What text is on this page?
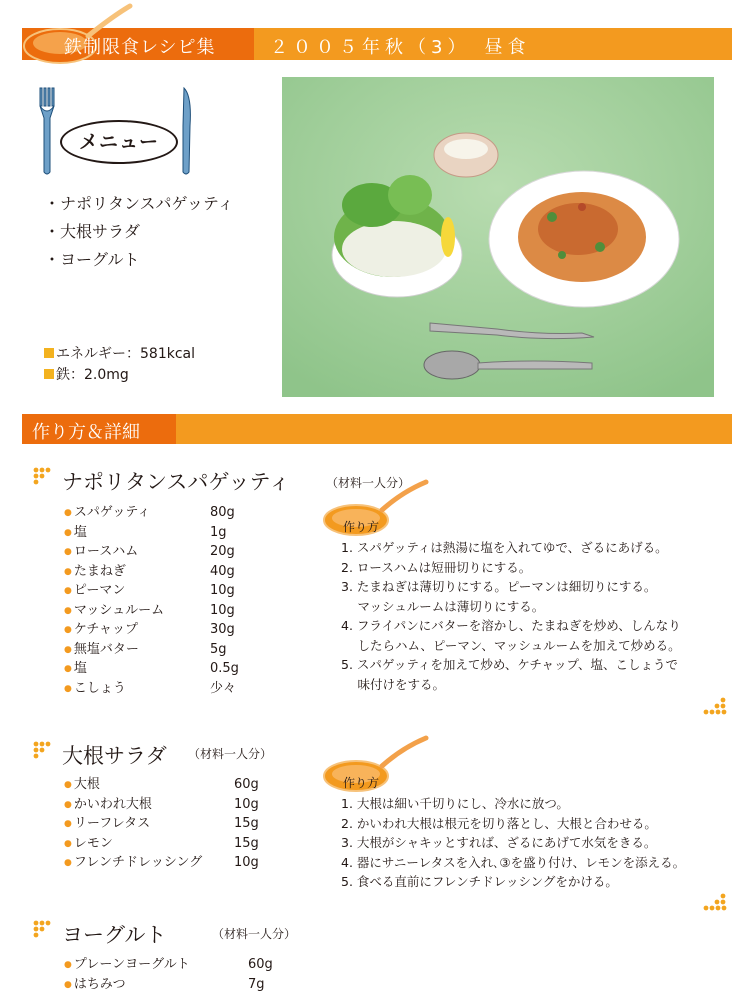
鉄制限食レシピ集	２００５年秋（3）　昼食
メニュー
・ナポリタンスパゲッティ
・大根サラダ
・ヨーグルト
エネルギー：581kcal
鉄：2.0mg
作り方＆詳細
ナポリタンスパゲッティ	（材料一人分）
● スパゲッティ	80g
● 塩	1g
● ロースハム	20g
● たまねぎ	40g
● ピーマン	10g
● マッシュルーム	10g
● ケチャップ	30g
● 無塩バター	5g
● 塩	0.5g
● こしょう	少々
作り方
1. スパゲッティは熱湯に塩を入れてゆで、ざるにあげる。
2. ロースハムは短冊切りにする。
3. たまねぎは薄切りにする。ピーマンは細切りにする。
　 マッシュルームは薄切りにする。
4. フライパンにバターを溶かし、たまねぎを炒め、しんなり
　 したらハム、ピーマン、マッシュルームを加えて炒める。
5. スパゲッティを加えて炒め、ケチャップ、塩、こしょうで
　 味付けをする。
大根サラダ （材料一人分）
● 大根	60g
● かいわれ大根	10g
● リーフレタス	15g
● レモン	15g
● フレンチドレッシング 10g
作り方
1. 大根は細い千切りにし、冷水に放つ。
2. かいわれ大根は根元を切り落とし、大根と合わせる。
3. 大根がシャキッとすれば、ざるにあげて水気をきる。
4. 器にサニーレタスを入れ､③を盛り付け、レモンを添える。
5. 食べる直前にフレンチドレッシングをかける。
ヨーグルト	（材料一人分）
● プレーンヨーグルト	60g
● はちみつ	7g
